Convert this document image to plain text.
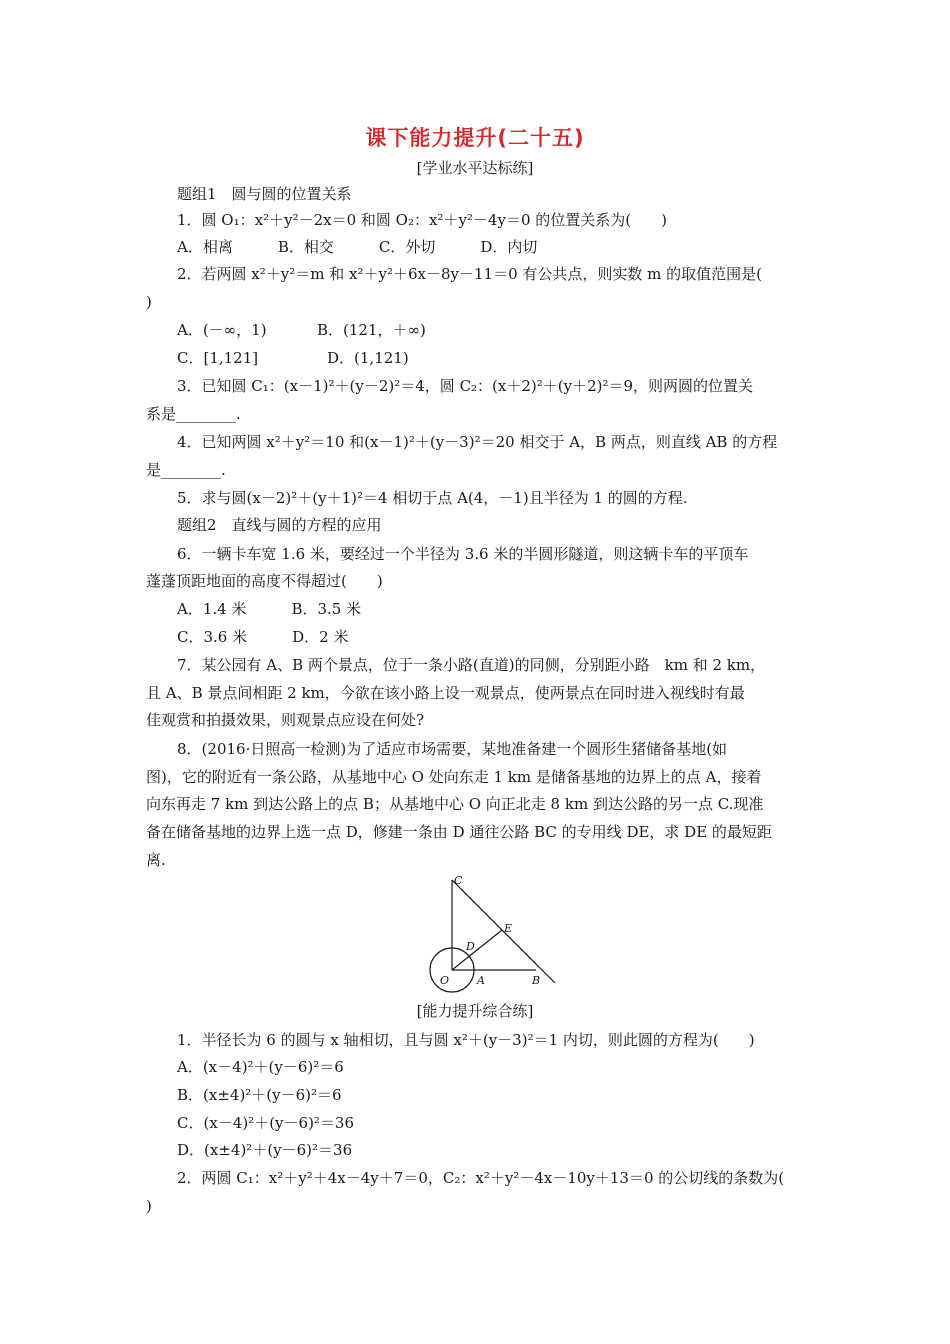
课下能力提升(二十五)
[学业水平达标练]
题组1　圆与圆的位置关系
1．圆 O₁：x²＋y²－2x＝0 和圆 O₂：x²＋y²－4y＝0 的位置关系为(　　)
A．相离　　　B．相交　　　C．外切　　　D．内切
2．若两圆 x²＋y²＝m 和 x²＋y²＋6x－8y－11＝0 有公共点，则实数 m 的取值范围是(
)
A．(－∞，1)	B．(121，＋∞)
C．[1,121]	D．(1,121)
3．已知圆 C₁：(x－1)²＋(y－2)²＝4，圆 C₂：(x＋2)²＋(y＋2)²＝9，则两圆的位置关
系是________.
4．已知两圆 x²＋y²＝10 和(x－1)²＋(y－3)²＝20 相交于 A，B 两点，则直线 AB 的方程
是________.
5．求与圆(x－2)²＋(y＋1)²＝4 相切于点 A(4，－1)且半径为 1 的圆的方程.
题组2　直线与圆的方程的应用
6．一辆卡车宽 1.6 米，要经过一个半径为 3.6 米的半圆形隧道，则这辆卡车的平顶车
蓬蓬顶距地面的高度不得超过(　　)
A．1.4 米　　　B．3.5 米
C．3.6 米　　　D．2 米
7．某公园有 A、B 两个景点，位于一条小路(直道)的同侧，分别距小路　km 和 2 km，
且 A、B 景点间相距 2 km，今欲在该小路上设一观景点，使两景点在同时进入视线时有最
佳观赏和拍摄效果，则观景点应设在何处?
8．(2016·日照高一检测)为了适应市场需要，某地准备建一个圆形生猪储备基地(如
图)，它的附近有一条公路，从基地中心 O 处向东走 1 km 是储备基地的边界上的点 A，接着
向东再走 7 km 到达公路上的点 B；从基地中心 O 向正北走 8 km 到达公路的另一点 C.现准
备在储备基地的边界上选一点 D，修建一条由 D 通往公路 BC 的专用线 DE，求 DE 的最短距
离.
C
E
D
O	A	B
[能力提升综合练]
1．半径长为 6 的圆与 x 轴相切，且与圆 x²＋(y－3)²＝1 内切，则此圆的方程为(　　)
A．(x－4)²＋(y－6)²＝6
B．(x±4)²＋(y－6)²＝6
C．(x－4)²＋(y－6)²＝36
D．(x±4)²＋(y－6)²＝36
2．两圆 C₁：x²＋y²＋4x－4y＋7＝0，C₂：x²＋y²－4x－10y＋13＝0 的公切线的条数为(
)
